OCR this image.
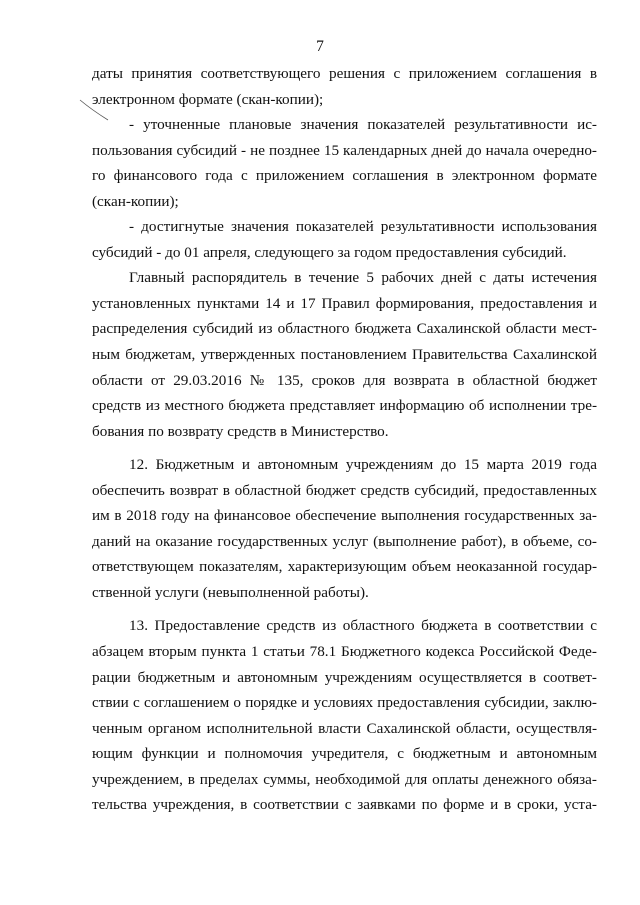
7
даты принятия соответствующего решения с приложением соглашения в
электронном формате (скан-копии);
- уточненные плановые значения показателей результативности ис-
пользования субсидий - не позднее 15 календарных дней до начала очередно-
го финансового года с приложением соглашения в электронном формате
(скан-копии);
- достигнутые значения показателей результативности использования
субсидий - до 01 апреля, следующего за годом предоставления субсидий.
Главный распорядитель в течение 5 рабочих дней с даты истечения
установленных пунктами 14 и 17 Правил формирования, предоставления и
распределения субсидий из областного бюджета Сахалинской области мест-
ным бюджетам, утвержденных постановлением Правительства Сахалинской
области от 29.03.2016 № 135, сроков для возврата в областной бюджет
средств из местного бюджета представляет информацию об исполнении тре-
бования по возврату средств в Министерство.
12. Бюджетным и автономным учреждениям до 15 марта 2019 года
обеспечить возврат в областной бюджет средств субсидий, предоставленных
им в 2018 году на финансовое обеспечение выполнения государственных за-
даний на оказание государственных услуг (выполнение работ), в объеме, со-
ответствующем показателям, характеризующим объем неоказанной государ-
ственной услуги (невыполненной работы).
13. Предоставление средств из областного бюджета в соответствии с
абзацем вторым пункта 1 статьи 78.1 Бюджетного кодекса Российской Феде-
рации бюджетным и автономным учреждениям осуществляется в соответ-
ствии с соглашением о порядке и условиях предоставления субсидии, заклю-
ченным органом исполнительной власти Сахалинской области, осуществля-
ющим функции и полномочия учредителя, с бюджетным и автономным
учреждением, в пределах суммы, необходимой для оплаты денежного обяза-
тельства учреждения, в соответствии с заявками по форме и в сроки, уста-
